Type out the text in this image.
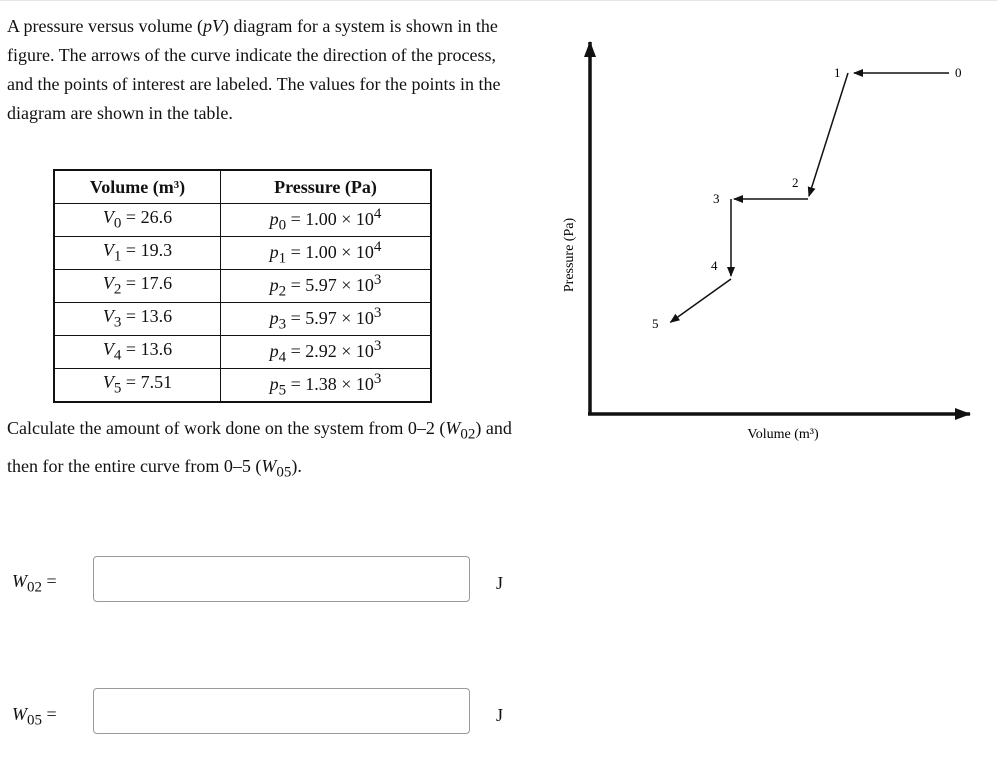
A pressure versus volume (pV) diagram for a system is shown in the figure. The arrows of the curve indicate the direction of the process, and the points of interest are labeled. The values for the points in the diagram are shown in the table.
Volume (m³)	Pressure (Pa)
$V_0 = 26.6$	$p_0 = 1.00 \times 10^4$
$V_1 = 19.3$	$p_1 = 1.00 \times 10^4$
$V_2 = 17.6$	$p_2 = 5.97 \times 10^3$
$V_3 = 13.6$	$p_3 = 5.97 \times 10^3$
$V_4 = 13.6$	$p_4 = 2.92 \times 10^3$
$V_5 = 7.51$	$p_5 = 1.38 \times 10^3$
Calculate the amount of work done on the system from 0–2 $(W_{02})$ and then for the entire curve from 0–5 $(W_{05})$.
$W_{02}$ =	J
$W_{05}$ =	J
Pressure (Pa)
Volume (m³)
0
1
2
3
4
5
